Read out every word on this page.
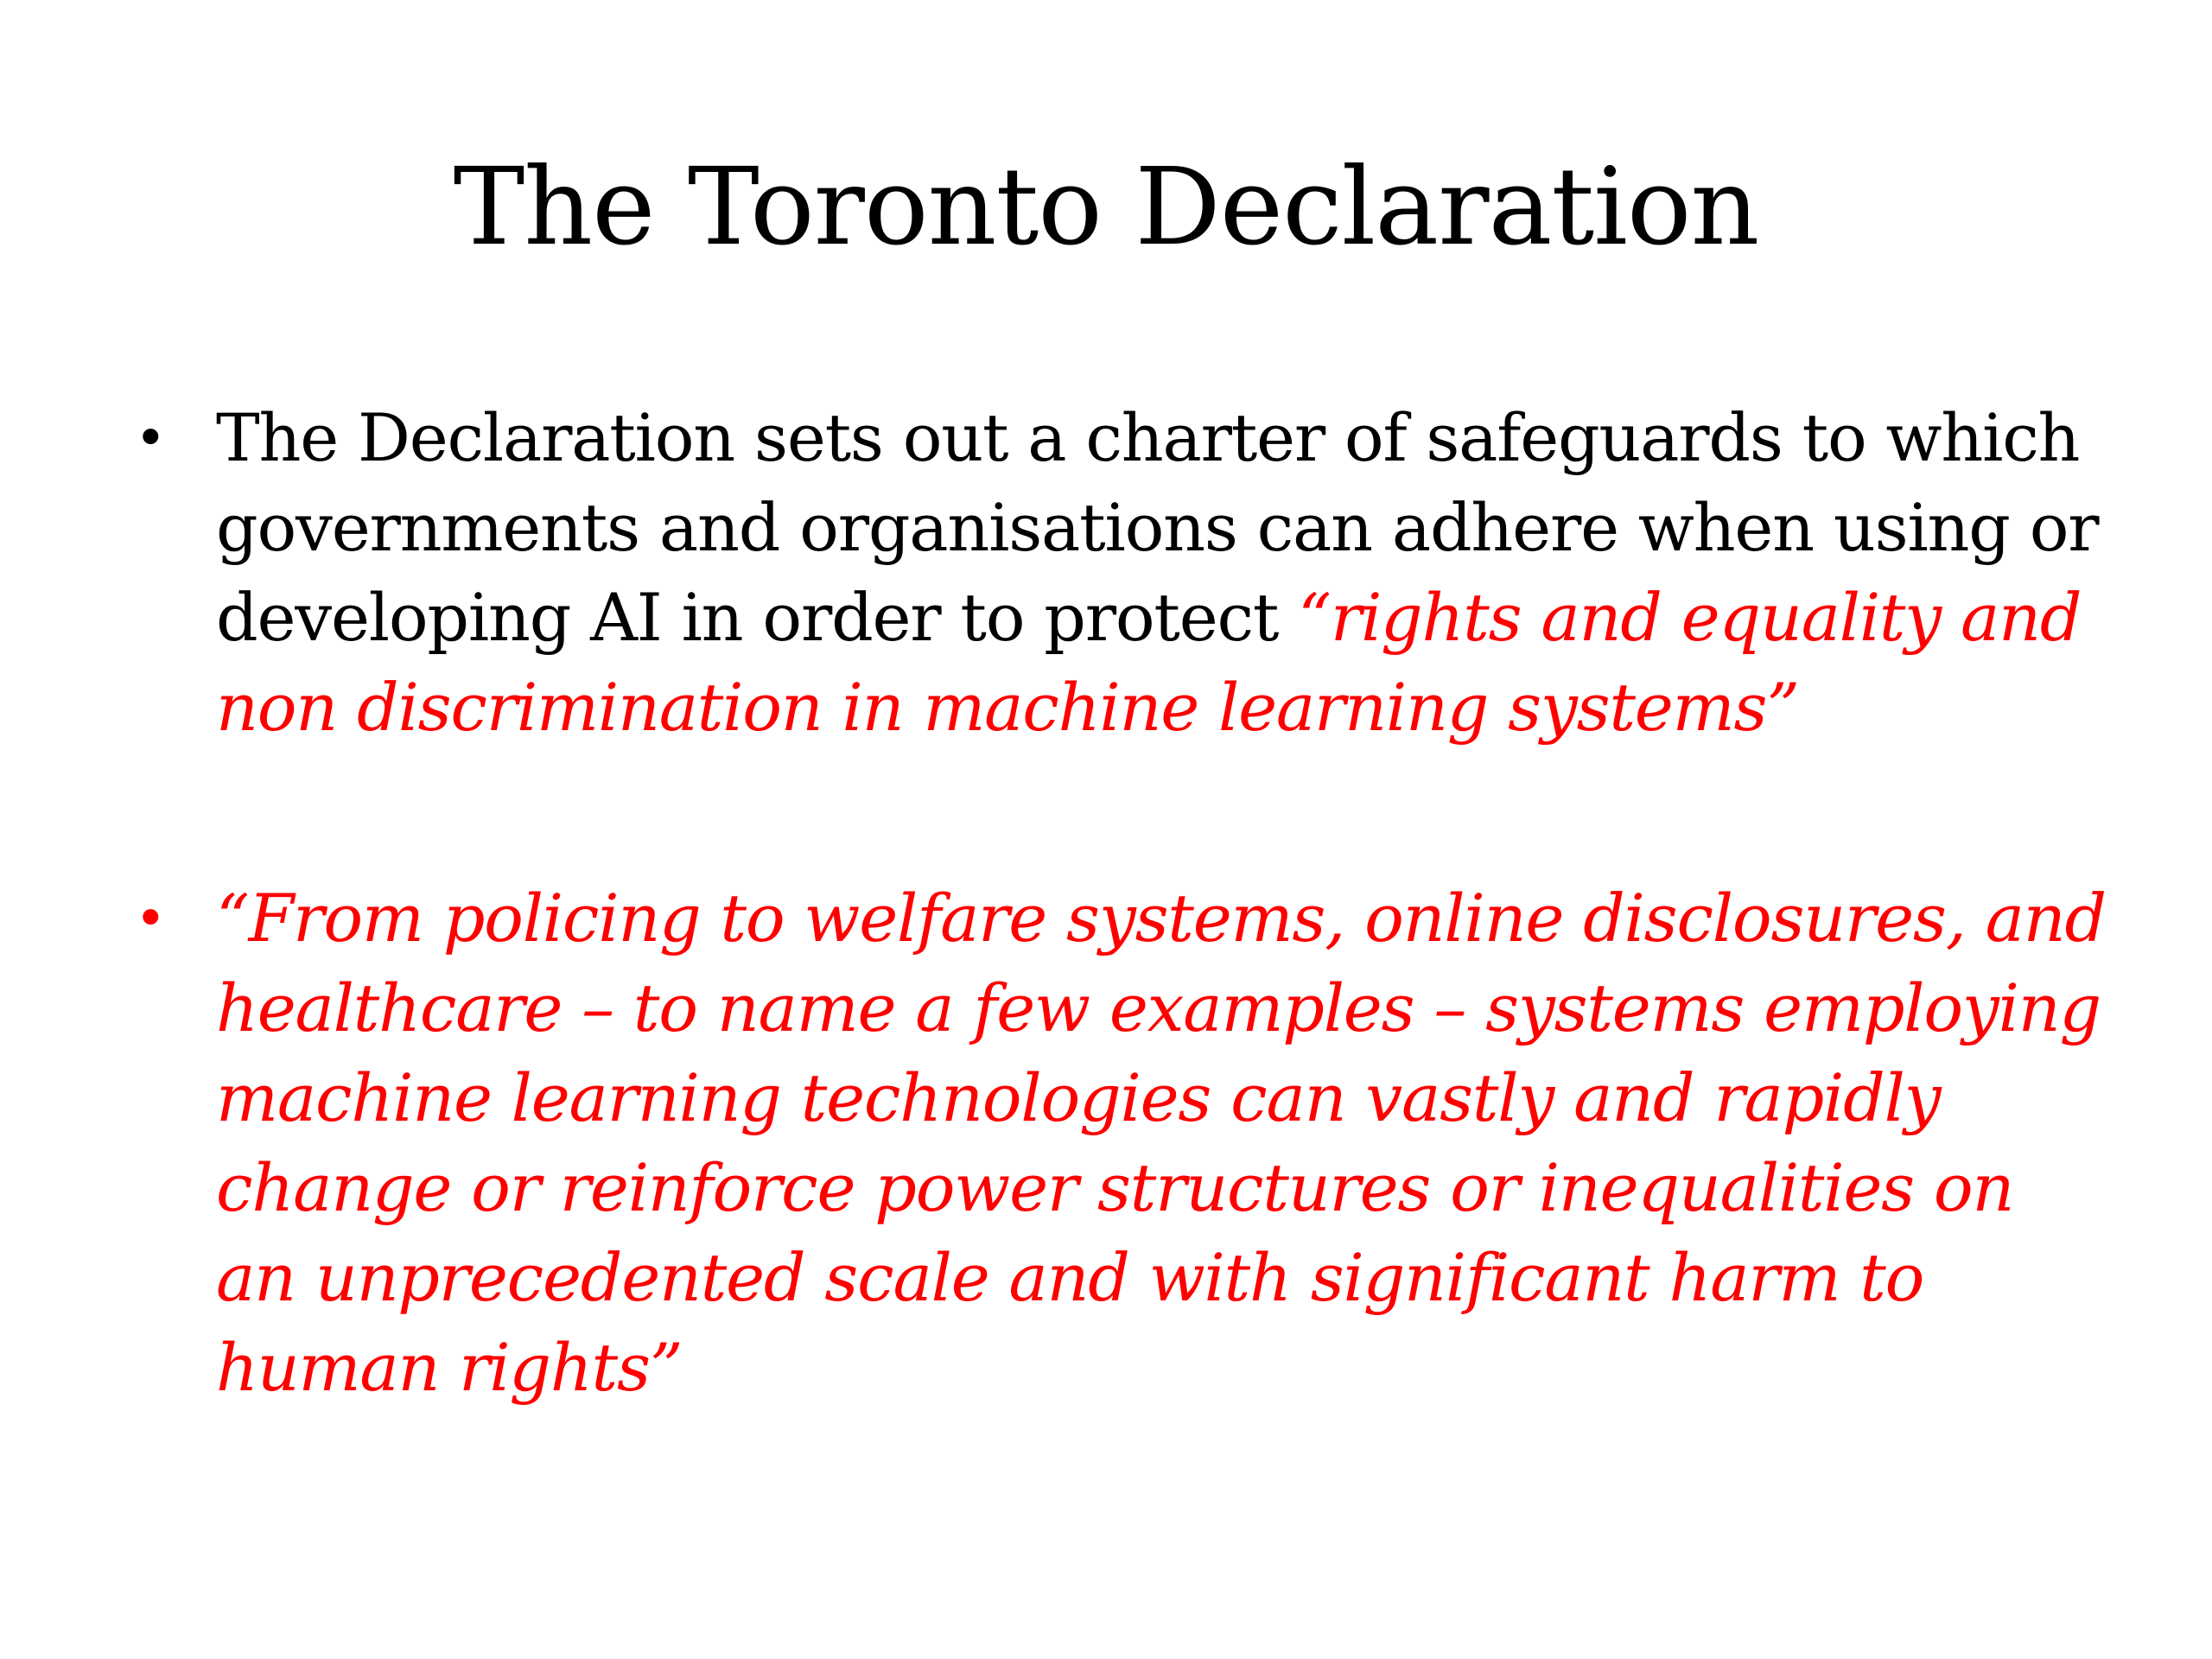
The Toronto Declaration
• The Declaration sets out a charter of safeguards to which governments and organisations can adhere when using or developing AI in order to protect “rights and equality and non discrimination in machine learning systems”
• “From policing to welfare systems, online disclosures, and healthcare – to name a few examples – systems employing machine learning technologies can vastly and rapidly change or reinforce power structures or inequalities on an unprecedented scale and with significant harm to human rights”
